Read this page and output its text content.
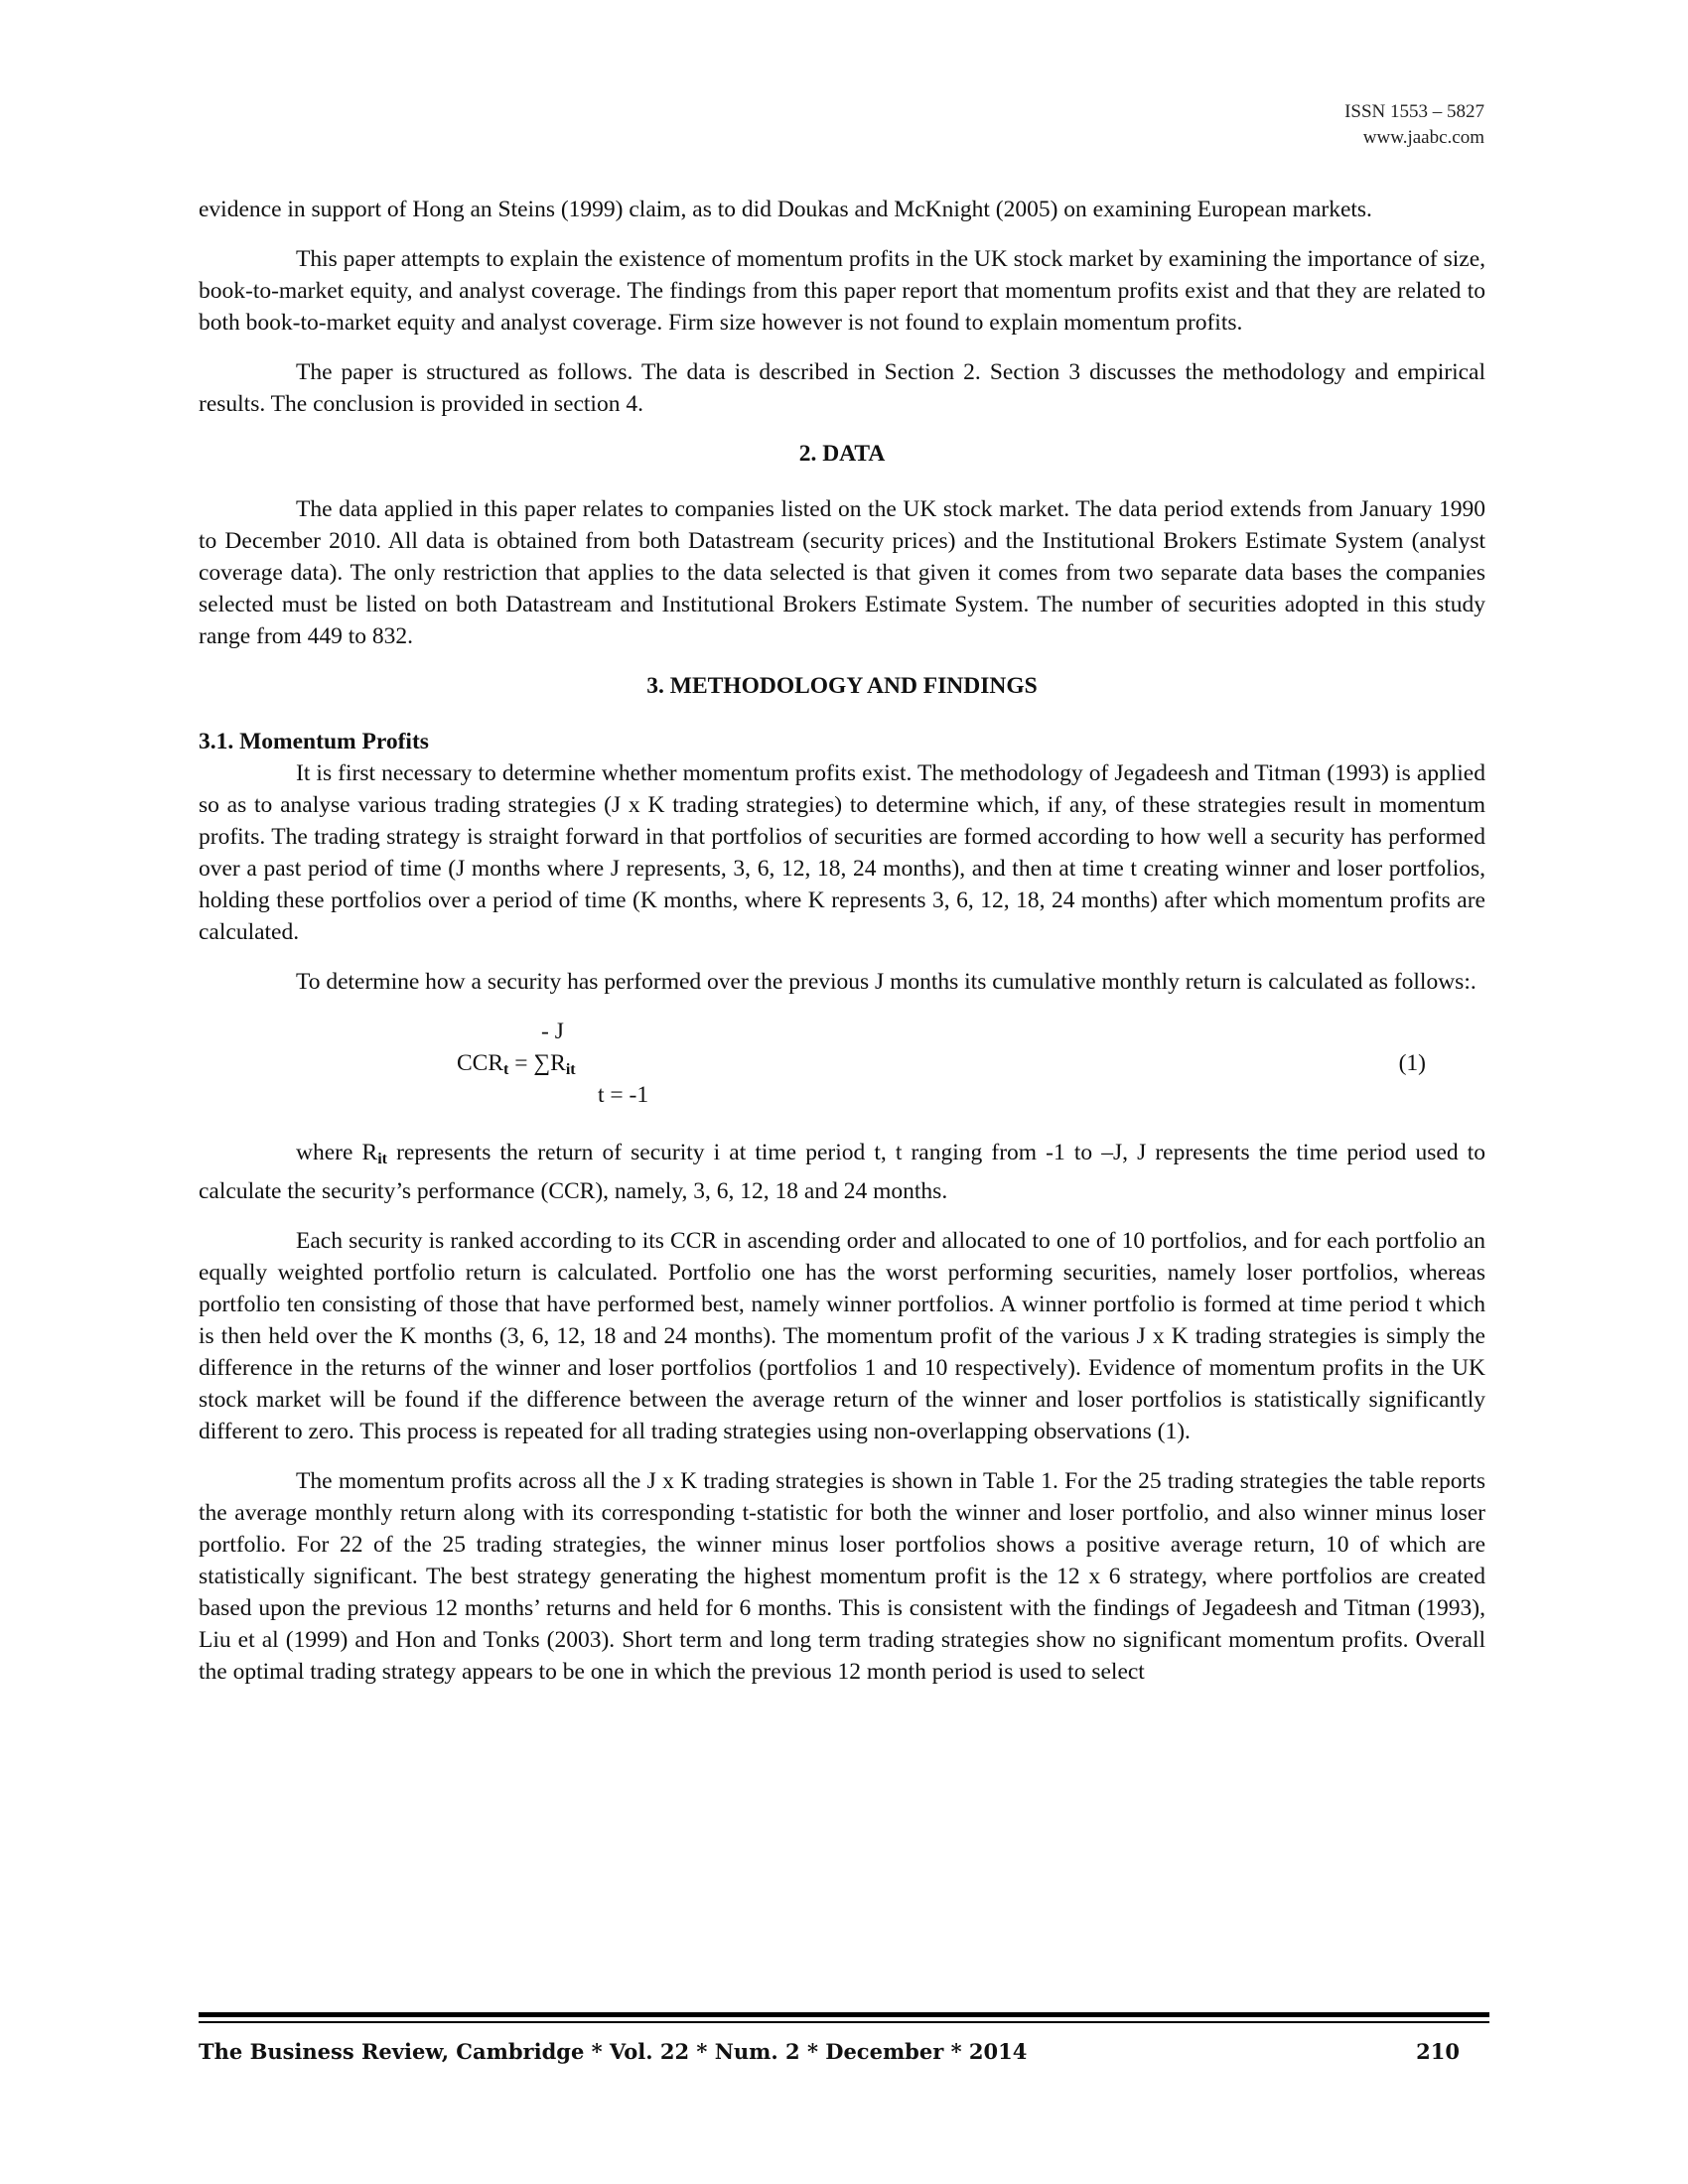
ISSN 1553 – 5827
www.jaabc.com

evidence in support of Hong an Steins (1999) claim, as to did Doukas and McKnight (2005) on examining European markets.

This paper attempts to explain the existence of momentum profits in the UK stock market by examining the importance of size, book-to-market equity, and analyst coverage. The findings from this paper report that momentum profits exist and that they are related to both book-to-market equity and analyst coverage. Firm size however is not found to explain momentum profits.

The paper is structured as follows. The data is described in Section 2. Section 3 discusses the methodology and empirical results. The conclusion is provided in section 4.

2. DATA

The data applied in this paper relates to companies listed on the UK stock market. The data period extends from January 1990 to December 2010. All data is obtained from both Datastream (security prices) and the Institutional Brokers Estimate System (analyst coverage data). The only restriction that applies to the data selected is that given it comes from two separate data bases the companies selected must be listed on both Datastream and Institutional Brokers Estimate System. The number of securities adopted in this study range from 449 to 832.

3. METHODOLOGY AND FINDINGS
3.1. Momentum Profits

It is first necessary to determine whether momentum profits exist. The methodology of Jegadeesh and Titman (1993) is applied so as to analyse various trading strategies (J x K trading strategies) to determine which, if any, of these strategies result in momentum profits. The trading strategy is straight forward in that portfolios of securities are formed according to how well a security has performed over a past period of time (J months where J represents, 3, 6, 12, 18, 24 months), and then at time t creating winner and loser portfolios, holding these portfolios over a period of time (K months, where K represents 3, 6, 12, 18, 24 months) after which momentum profits are calculated.

To determine how a security has performed over the previous J months its cumulative monthly return is calculated as follows:.

- J
$CCR_t = \sum R_{it}$
t = -1
(1)

where $R_{it}$ represents the return of security i at time period t, t ranging from -1 to –J, J represents the time period used to calculate the security’s performance (CCR), namely, 3, 6, 12, 18 and 24 months.

Each security is ranked according to its CCR in ascending order and allocated to one of 10 portfolios, and for each portfolio an equally weighted portfolio return is calculated. Portfolio one has the worst performing securities, namely loser portfolios, whereas portfolio ten consisting of those that have performed best, namely winner portfolios. A winner portfolio is formed at time period t which is then held over the K months (3, 6, 12, 18 and 24 months). The momentum profit of the various J x K trading strategies is simply the difference in the returns of the winner and loser portfolios (portfolios 1 and 10 respectively). Evidence of momentum profits in the UK stock market will be found if the difference between the average return of the winner and loser portfolios is statistically significantly different to zero. This process is repeated for all trading strategies using non-overlapping observations (1).

The momentum profits across all the J x K trading strategies is shown in Table 1. For the 25 trading strategies the table reports the average monthly return along with its corresponding t-statistic for both the winner and loser portfolio, and also winner minus loser portfolio. For 22 of the 25 trading strategies, the winner minus loser portfolios shows a positive average return, 10 of which are statistically significant. The best strategy generating the highest momentum profit is the 12 x 6 strategy, where portfolios are created based upon the previous 12 months’ returns and held for 6 months. This is consistent with the findings of Jegadeesh and Titman (1993), Liu et al (1999) and Hon and Tonks (2003). Short term and long term trading strategies show no significant momentum profits. Overall the optimal trading strategy appears to be one in which the previous 12 month period is used to select

The Business Review, Cambridge * Vol. 22 * Num. 2 * December * 2014	210
